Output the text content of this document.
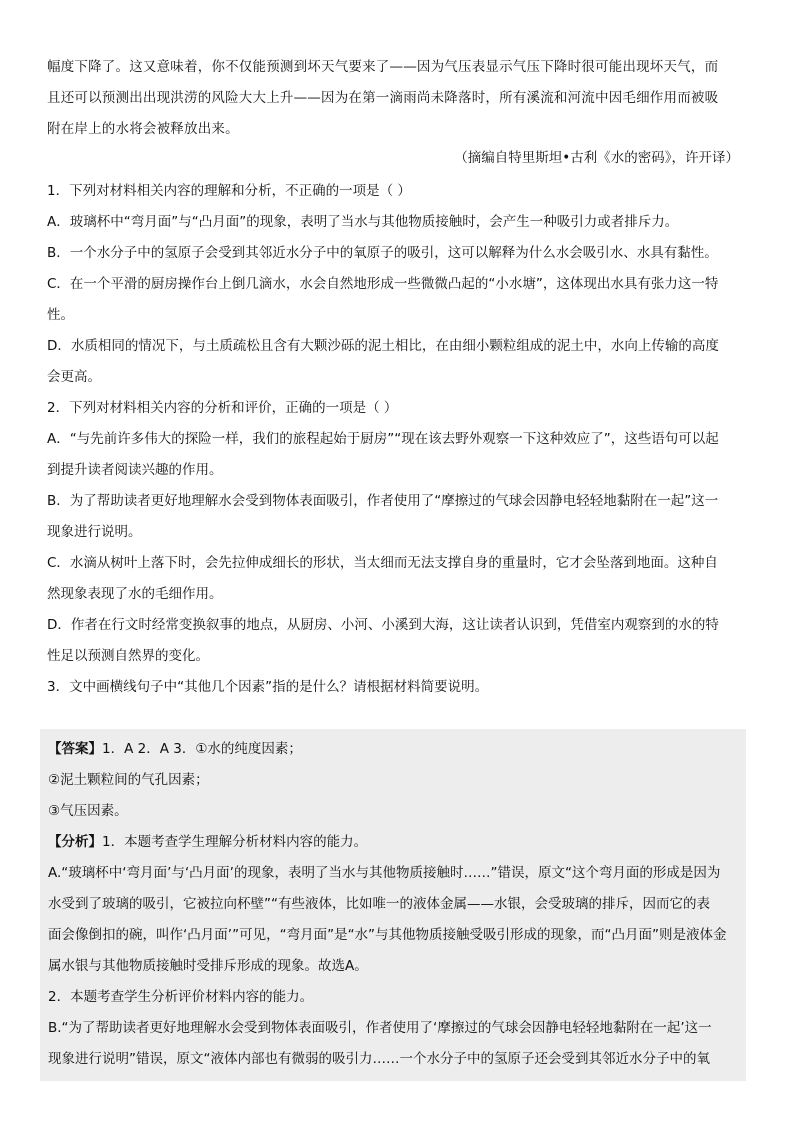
幅度下降了。这又意味着，你不仅能预测到坏天气要来了——因为气压表显示气压下降时很可能出现坏天气，而

且还可以预测出出现洪涝的风险大大上升——因为在第一滴雨尚未降落时，所有溪流和河流中因毛细作用而被吸

附在岸上的水将会被释放出来。

（摘编自特里斯坦•古利《水的密码》，许开译）

1．下列对材料相关内容的理解和分析，不正确的一项是（ ）

A．玻璃杯中“弯月面”与“凸月面”的现象，表明了当水与其他物质接触时，会产生一种吸引力或者排斥力。

B．一个水分子中的氢原子会受到其邻近水分子中的氧原子的吸引，这可以解释为什么水会吸引水、水具有黏性。

C．在一个平滑的厨房操作台上倒几滴水，水会自然地形成一些微微凸起的“小水塘”，这体现出水具有张力这一特

性。

D．水质相同的情况下，与土质疏松且含有大颗沙砾的泥土相比，在由细小颗粒组成的泥土中，水向上传输的高度

会更高。

2．下列对材料相关内容的分析和评价，正确的一项是（ ）

A．“与先前许多伟大的探险一样，我们的旅程起始于厨房”“现在该去野外观察一下这种效应了”，这些语句可以起

到提升读者阅读兴趣的作用。

B．为了帮助读者更好地理解水会受到物体表面吸引，作者使用了“摩擦过的气球会因静电轻轻地黏附在一起”这一

现象进行说明。

C．水滴从树叶上落下时，会先拉伸成细长的形状，当太细而无法支撑自身的重量时，它才会坠落到地面。这种自

然现象表现了水的毛细作用。

D．作者在行文时经常变换叙事的地点，从厨房、小河、小溪到大海，这让读者认识到，凭借室内观察到的水的特

性足以预测自然界的变化。

3．文中画横线句子中“其他几个因素”指的是什么？请根据材料简要说明。

【答案】1．A 2．A 3．①水的纯度因素；

②泥土颗粒间的气孔因素；

③气压因素。

【分析】1．本题考查学生理解分析材料内容的能力。

A.“玻璃杯中‘弯月面’与‘凸月面’的现象，表明了当水与其他物质接触时……”错误，原文“这个弯月面的形成是因为

水受到了玻璃的吸引，它被拉向杯壁”“有些液体，比如唯一的液体金属——水银，会受玻璃的排斥，因而它的表

面会像倒扣的碗，叫作‘凸月面’”可见，“弯月面”是“水”与其他物质接触受吸引形成的现象，而“凸月面”则是液体金

属水银与其他物质接触时受排斥形成的现象。故选A。

2．本题考查学生分析评价材料内容的能力。

B.“为了帮助读者更好地理解水会受到物体表面吸引，作者使用了‘摩擦过的气球会因静电轻轻地黏附在一起’这一

现象进行说明”错误，原文“液体内部也有微弱的吸引力……一个水分子中的氢原子还会受到其邻近水分子中的氧
